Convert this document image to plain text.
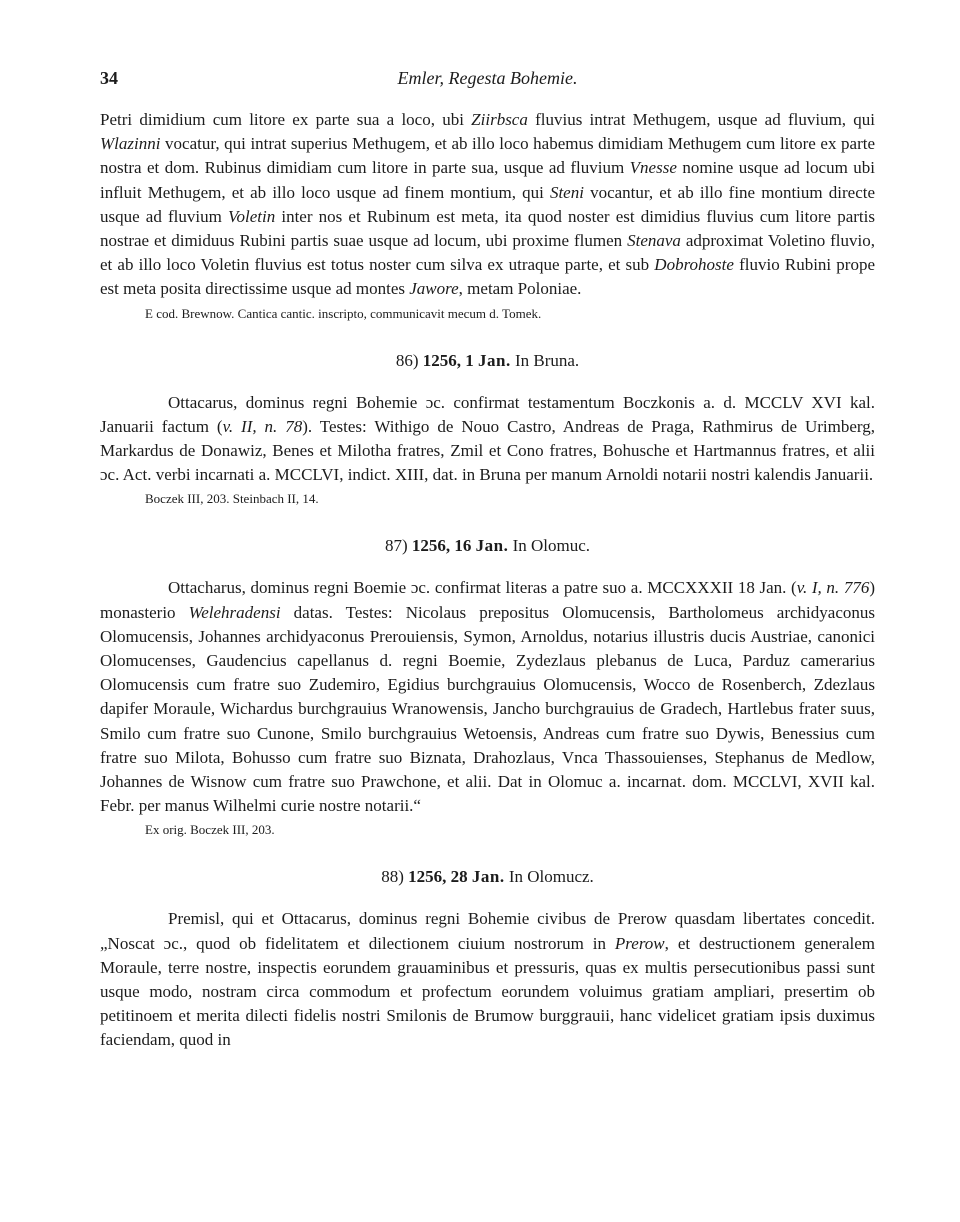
34	Emler, Regesta Bohemie.

Petri dimidium cum litore ex parte sua a loco, ubi Ziirbsca fluvius intrat Methugem, usque ad fluvium, qui Wlazinni vocatur, qui intrat superius Methugem, et ab illo loco habemus dimidiam Methugem cum litore ex parte nostra et dom. Rubinus dimidiam cum litore in parte sua, usque ad fluvium Vnesse nomine usque ad locum ubi influit Methugem, et ab illo loco usque ad finem montium, qui Steni vocantur, et ab illo fine montium directe usque ad fluvium Voletin inter nos et Rubinum est meta, ita quod noster est dimidius fluvius cum litore partis nostrae et dimiduus Rubini partis suae usque ad locum, ubi proxime flumen Stenava adproximat Voletino fluvio, et ab illo loco Voletin fluvius est totus noster cum silva ex utraque parte, et sub Dobrohoste fluvio Rubini prope est meta posita directissime usque ad montes Jawore, metam Poloniae.

E cod. Brewnow. Cantica cantic. inscripto, communicavit mecum d. Tomek.

86) 1256, 1 Jan. In Bruna.

Ottacarus, dominus regni Bohemie ɔc. confirmat testamentum Boczkonis a. d. MCCLV XVI kal. Januarii factum (v. II, n. 78). Testes: Withigo de Nouo Castro, Andreas de Praga, Rathmirus de Urimberg, Markardus de Donawiz, Benes et Milotha fratres, Zmil et Cono fratres, Bohusche et Hartmannus fratres, et alii ɔc. Act. verbi incarnati a. MCCLVI, indict. XIII, dat. in Bruna per manum Arnoldi notarii nostri kalendis Januarii.

Boczek III, 203. Steinbach II, 14.

87) 1256, 16 Jan. In Olomuc.

Ottacharus, dominus regni Boemie ɔc. confirmat literas a patre suo a. MCCXXXII 18 Jan. (v. I, n. 776) monasterio Welehradensi datas. Testes: Nicolaus prepositus Olomucensis, Bartholomeus archidyaconus Olomucensis, Johannes archidyaconus Prerouiensis, Symon, Arnoldus, notarius illustris ducis Austriae, canonici Olomucenses, Gaudencius capellanus d. regni Boemie, Zydezlaus plebanus de Luca, Parduz camerarius Olomucensis cum fratre suo Zudemiro, Egidius burchgrauius Olomucensis, Wocco de Rosenberch, Zdezlaus dapifer Moraule, Wichardus burchgrauius Wranowensis, Jancho burchgrauius de Gradech, Hartlebus frater suus, Smilo cum fratre suo Cunone, Smilo burchgrauius Wetoensis, Andreas cum fratre suo Dywis, Benessius cum fratre suo Milota, Bohusso cum fratre suo Biznata, Drahozlaus, Vnca Thassouienses, Stephanus de Medlow, Johannes de Wisnow cum fratre suo Prawchone, et alii. Dat in Olomuc a. incarnat. dom. MCCLVI, XVII kal. Febr. per manus Wilhelmi curie nostre notarii.“

Ex orig. Boczek III, 203.

88) 1256, 28 Jan. In Olomucz.

Premisl, qui et Ottacarus, dominus regni Bohemie civibus de Prerow quasdam libertates concedit. „Noscat ɔc., quod ob fidelitatem et dilectionem ciuium nostrorum in Prerow, et destructionem generalem Moraule, terre nostre, inspectis eorundem grauaminibus et pressuris, quas ex multis persecutionibus passi sunt usque modo, nostram circa commodum et profectum eorundem voluimus gratiam ampliari, presertim ob petitinoem et merita dilecti fidelis nostri Smilonis de Brumow burggrauii, hanc videlicet gratiam ipsis duximus faciendam, quod in
